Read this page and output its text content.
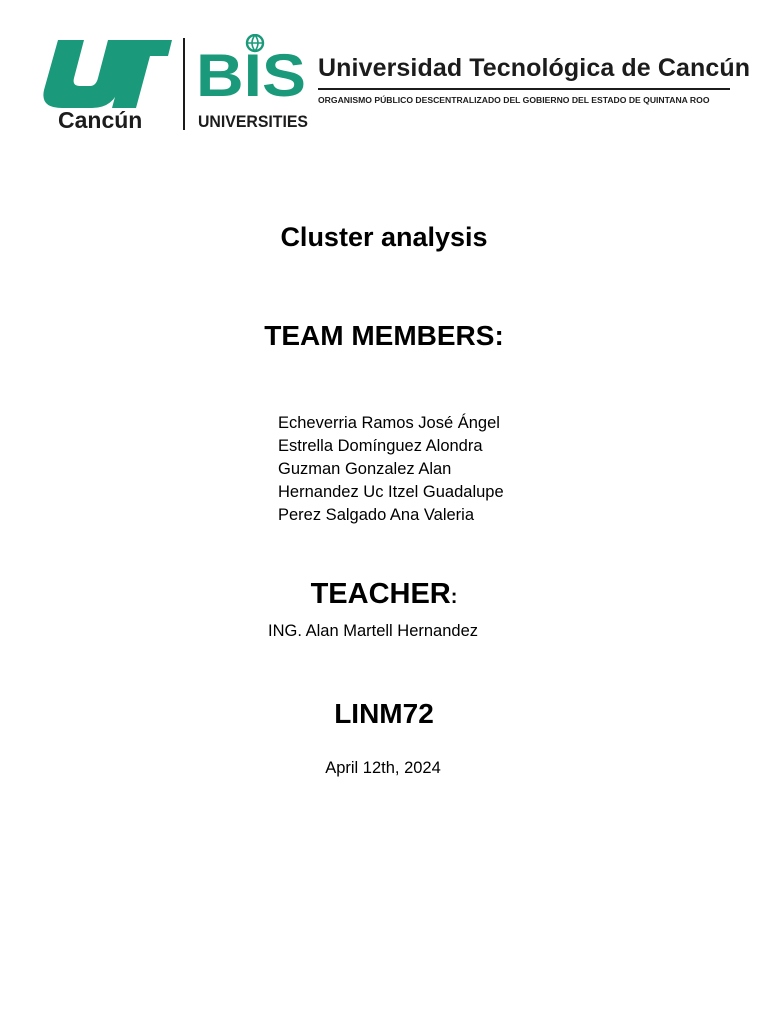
Cancún
BIS
UNIVERSITIES
Universidad Tecnológica de Cancún
ORGANISMO PÚBLICO DESCENTRALIZADO DEL GOBIERNO DEL ESTADO DE QUINTANA ROO
Cluster analysis
TEAM MEMBERS:
Echeverria Ramos José Ángel
Estrella Domínguez Alondra
Guzman Gonzalez Alan
Hernandez Uc Itzel Guadalupe
Perez Salgado Ana Valeria
TEACHER:
ING. Alan Martell Hernandez
LINM72
April 12th, 2024
